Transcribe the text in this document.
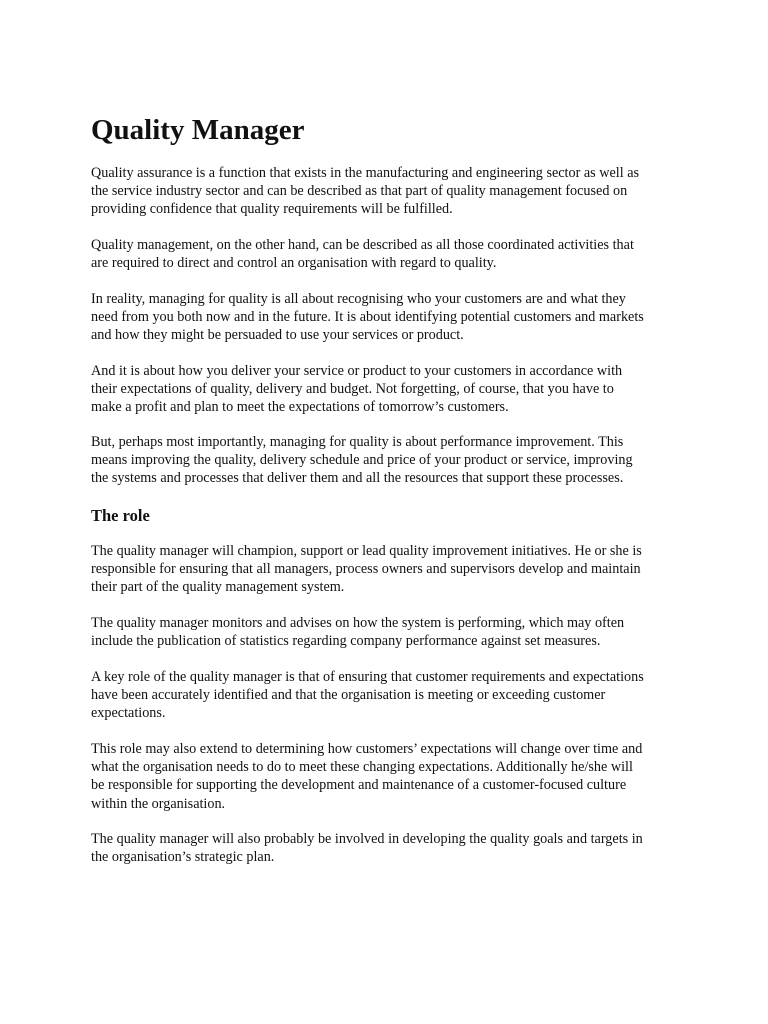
Quality Manager

Quality assurance is a function that exists in the manufacturing and engineering sector as well as
the service industry sector and can be described as that part of quality management focused on
providing confidence that quality requirements will be fulfilled.

Quality management, on the other hand, can be described as all those coordinated activities that
are required to direct and control an organisation with regard to quality.

In reality, managing for quality is all about recognising who your customers are and what they
need from you both now and in the future. It is about identifying potential customers and markets
and how they might be persuaded to use your services or product.

And it is about how you deliver your service or product to your customers in accordance with
their expectations of quality, delivery and budget. Not forgetting, of course, that you have to
make a profit and plan to meet the expectations of tomorrow’s customers.

But, perhaps most importantly, managing for quality is about performance improvement. This
means improving the quality, delivery schedule and price of your product or service, improving
the systems and processes that deliver them and all the resources that support these processes.

The role

The quality manager will champion, support or lead quality improvement initiatives. He or she is
responsible for ensuring that all managers, process owners and supervisors develop and maintain
their part of the quality management system.

The quality manager monitors and advises on how the system is performing, which may often
include the publication of statistics regarding company performance against set measures.

A key role of the quality manager is that of ensuring that customer requirements and expectations
have been accurately identified and that the organisation is meeting or exceeding customer
expectations.

This role may also extend to determining how customers’ expectations will change over time and
what the organisation needs to do to meet these changing expectations. Additionally he/she will
be responsible for supporting the development and maintenance of a customer-focused culture
within the organisation.

The quality manager will also probably be involved in developing the quality goals and targets in
the organisation’s strategic plan.
